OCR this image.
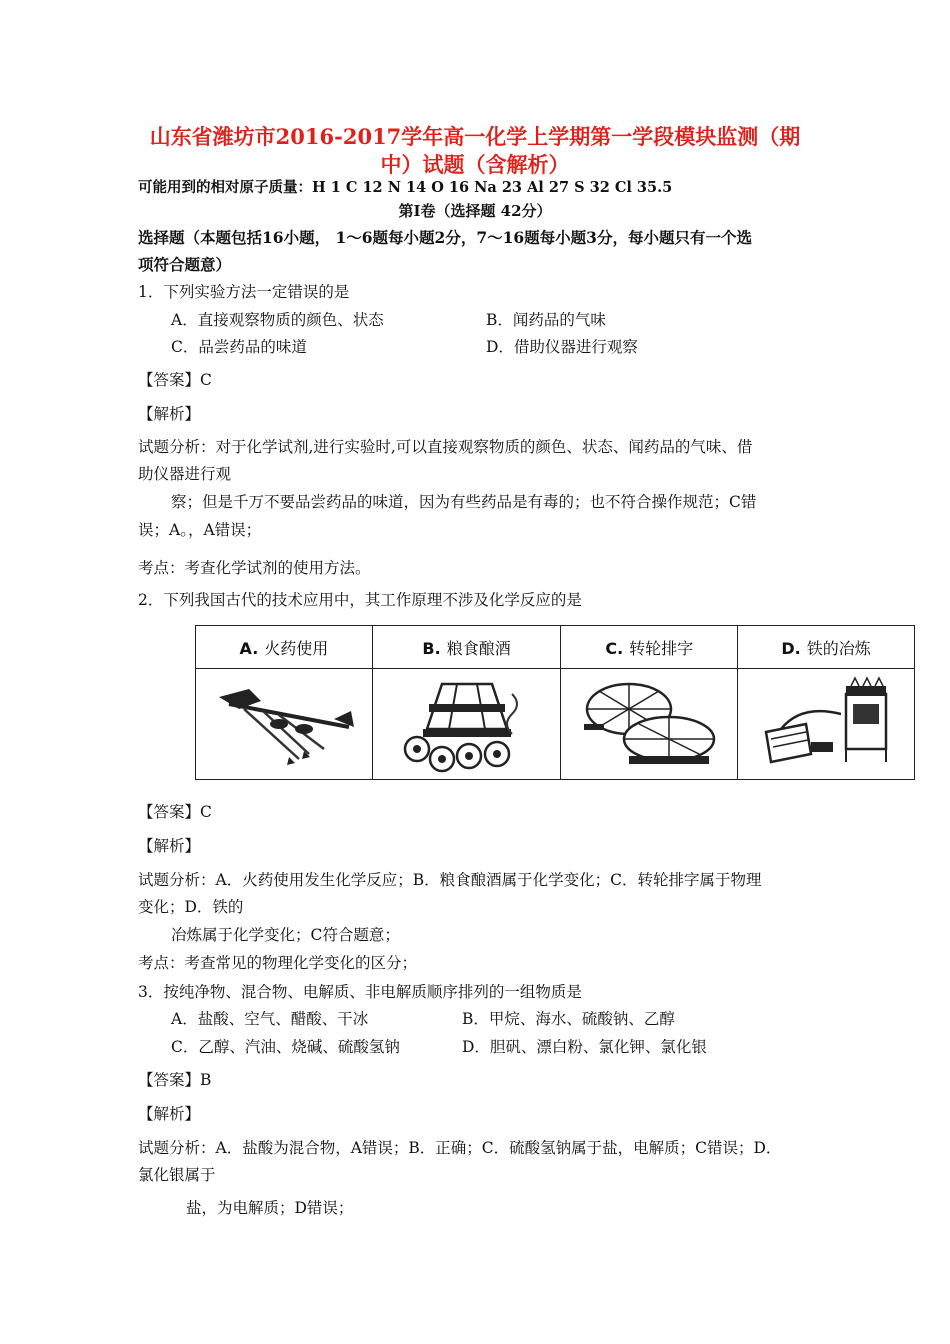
山东省潍坊市2016-2017学年高一化学上学期第一学段模块监测（期
中）试题（含解析）
可能用到的相对原子质量：H 1 C 12 N 14 O 16 Na 23 Al 27 S 32 Cl 35.5
第Ⅰ卷（选择题 42分）
选择题（本题包括16小题， 1～6题每小题2分，7～16题每小题3分，每小题只有一个选
项符合题意）
1．下列实验方法一定错误的是
A．直接观察物质的颜色、状态	B．闻药品的气味
C．品尝药品的味道	D．借助仪器进行观察
【答案】C
【解析】
试题分析：对于化学试剂,进行实验时,可以直接观察物质的颜色、状态、闻药品的气味、借
助仪器进行观
察；但是千万不要品尝药品的味道，因为有些药品是有毒的；也不符合操作规范；C错
误；A。，A错误；
考点：考查化学试剂的使用方法。
2．下列我国古代的技术应用中，其工作原理不涉及化学反应的是
A. 火药使用	B. 粮食酿酒	C. 转轮排字	D. 铁的冶炼

【答案】C
【解析】
试题分析：A．火药使用发生化学反应；B．粮食酿酒属于化学变化；C．转轮排字属于物理
变化；D．铁的
冶炼属于化学变化；C符合题意；
考点：考查常见的物理化学变化的区分；
3．按纯净物、混合物、电解质、非电解质顺序排列的一组物质是
A．盐酸、空气、醋酸、干冰	B．甲烷、海水、硫酸钠、乙醇
C．乙醇、汽油、烧碱、硫酸氢钠	D．胆矾、漂白粉、氯化钾、氯化银
【答案】B
【解析】
试题分析：A．盐酸为混合物，A错误；B．正确；C．硫酸氢钠属于盐，电解质；C错误；D．
氯化银属于
盐，为电解质；D错误；
